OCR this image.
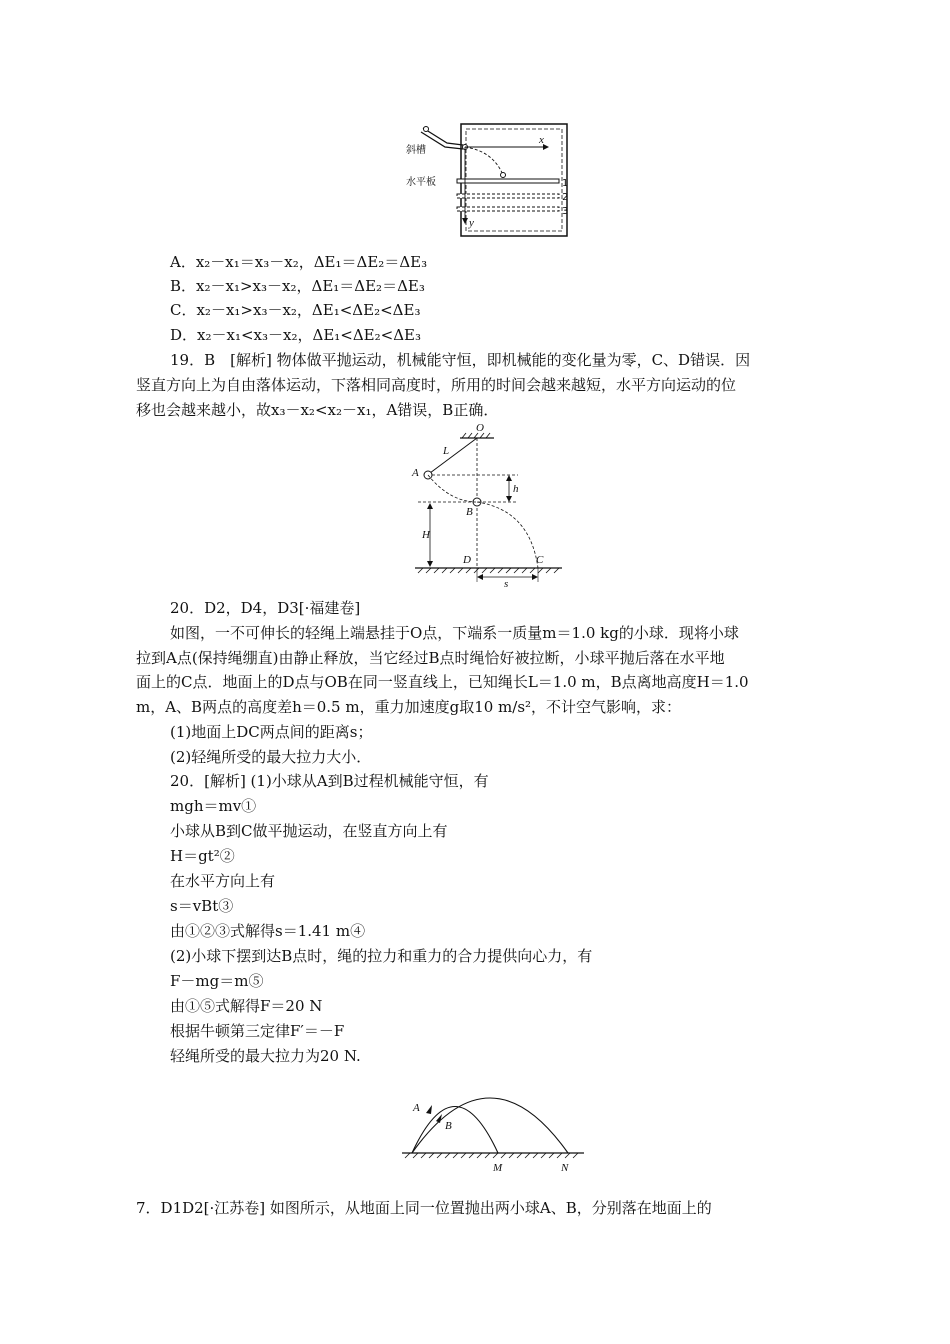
斜槽
水平板
x
y
1
2
3
A．x₂－x₁＝x₃－x₂，ΔE₁＝ΔE₂＝ΔE₃
B．x₂－x₁>x₃－x₂，ΔE₁＝ΔE₂＝ΔE₃
C．x₂－x₁>x₃－x₂，ΔE₁<ΔE₂<ΔE₃
D．x₂－x₁<x₃－x₂，ΔE₁<ΔE₂<ΔE₃
19．B　[解析] 物体做平抛运动，机械能守恒，即机械能的变化量为零，C、D错误．因
竖直方向上为自由落体运动，下落相同高度时，所用的时间会越来越短，水平方向运动的位
移也会越来越小，故x₃－x₂<x₂－x₁，A错误，B正确．
O
L
A
B
h
H
D	C
s
20．D2，D4，D3[·福建卷]
如图，一不可伸长的轻绳上端悬挂于O点，下端系一质量m＝1.0 kg的小球．现将小球
拉到A点(保持绳绷直)由静止释放，当它经过B点时绳恰好被拉断，小球平抛后落在水平地
面上的C点．地面上的D点与OB在同一竖直线上，已知绳长L＝1.0 m，B点离地高度H＝1.0
m，A、B两点的高度差h＝0.5 m，重力加速度g取10 m/s²，不计空气影响，求：
(1)地面上DC两点间的距离s；
(2)轻绳所受的最大拉力大小．
20．[解析] (1)小球从A到B过程机械能守恒，有
mgh＝mv①
小球从B到C做平抛运动，在竖直方向上有
H＝gt²②
在水平方向上有
s＝vBt③
由①②③式解得s＝1.41 m④
(2)小球下摆到达B点时，绳的拉力和重力的合力提供向心力，有
F－mg＝m⑤
由①⑤式解得F＝20 N
根据牛顿第三定律F′＝－F
轻绳所受的最大拉力为20 N.
A
B
M	N
7．D1D2[·江苏卷] 如图所示，从地面上同一位置抛出两小球A、B，分别落在地面上的
